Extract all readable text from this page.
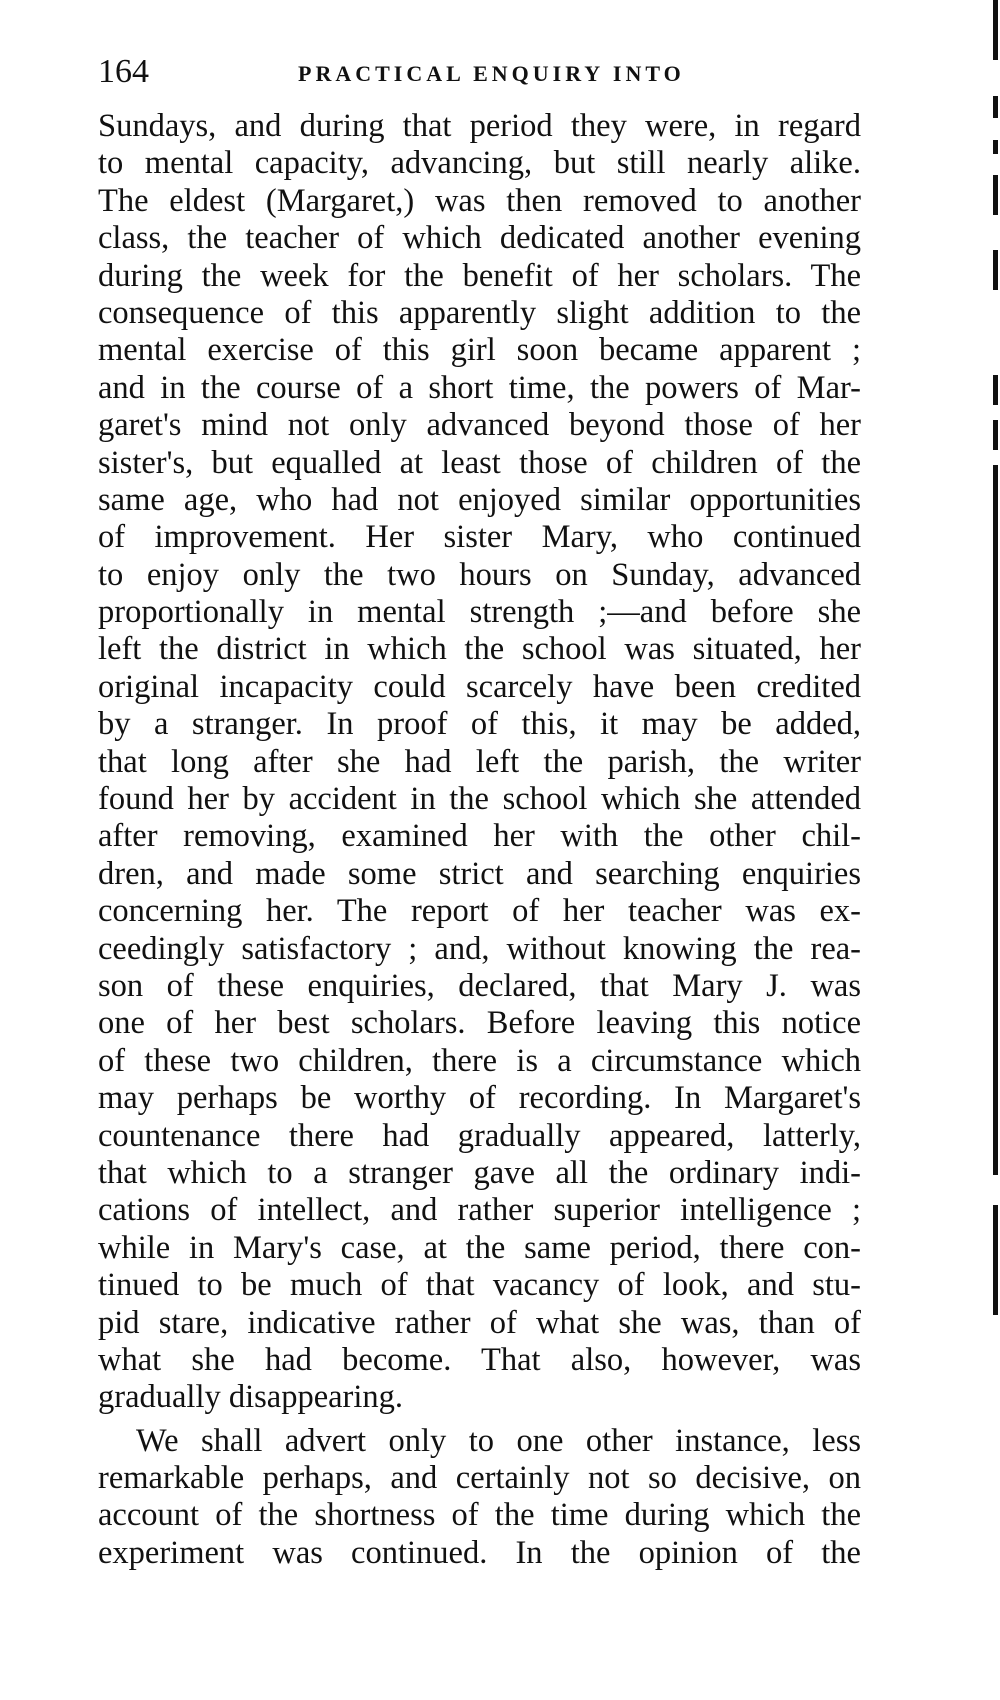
164	PRACTICAL ENQUIRY INTO
Sundays, and during that period they were, in regard
to mental capacity, advancing, but still nearly alike.
The eldest (Margaret,) was then removed to another
class, the teacher of which dedicated another evening
during the week for the benefit of her scholars. The
consequence of this apparently slight addition to the
mental exercise of this girl soon became apparent ;
and in the course of a short time, the powers of Mar-
garet's mind not only advanced beyond those of her
sister's, but equalled at least those of children of the
same age, who had not enjoyed similar opportunities
of improvement. Her sister Mary, who continued
to enjoy only the two hours on Sunday, advanced
proportionally in mental strength ;—and before she
left the district in which the school was situated, her
original incapacity could scarcely have been credited
by a stranger. In proof of this, it may be added,
that long after she had left the parish, the writer
found her by accident in the school which she attended
after removing, examined her with the other chil-
dren, and made some strict and searching enquiries
concerning her. The report of her teacher was ex-
ceedingly satisfactory ; and, without knowing the rea-
son of these enquiries, declared, that Mary J. was
one of her best scholars. Before leaving this notice
of these two children, there is a circumstance which
may perhaps be worthy of recording. In Margaret's
countenance there had gradually appeared, latterly,
that which to a stranger gave all the ordinary indi-
cations of intellect, and rather superior intelligence ;
while in Mary's case, at the same period, there con-
tinued to be much of that vacancy of look, and stu-
pid stare, indicative rather of what she was, than of
what she had become. That also, however, was
gradually disappearing.
We shall advert only to one other instance, less
remarkable perhaps, and certainly not so decisive, on
account of the shortness of the time during which the
experiment was continued. In the opinion of the
